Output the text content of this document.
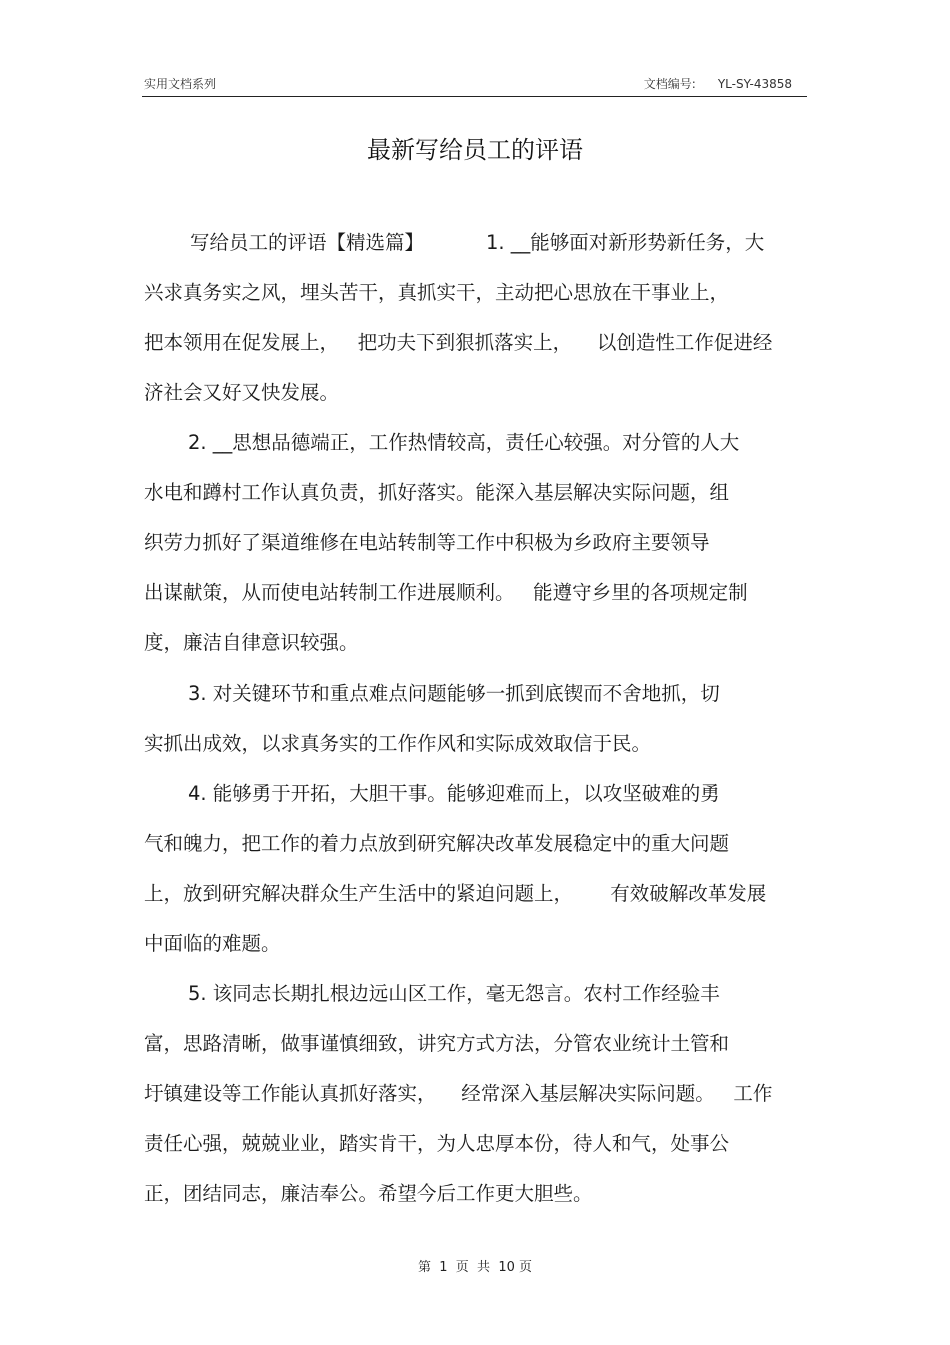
实用文档系列	文档编号: YL-SY-43858
最新写给员工的评语
写给员工的评语【精选篇】          1. __能够面对新形势新任务，大
兴求真务实之风，埋头苦干，真抓实干，主动把心思放在干事业上，
把本领用在促发展上，   把功夫下到狠抓落实上，    以创造性工作促进经
济社会又好又快发展。
2. __思想品德端正，工作热情较高，责任心较强。对分管的人大
水电和蹲村工作认真负责，抓好落实。能深入基层解决实际问题，组
织劳力抓好了渠道维修在电站转制等工作中积极为乡政府主要领导
出谋献策，从而使电站转制工作进展顺利。   能遵守乡里的各项规定制
度，廉洁自律意识较强。
3. 对关键环节和重点难点问题能够一抓到底锲而不舍地抓，切
实抓出成效，以求真务实的工作作风和实际成效取信于民。
4. 能够勇于开拓，大胆干事。能够迎难而上，以攻坚破难的勇
气和魄力，把工作的着力点放到研究解决改革发展稳定中的重大问题
上，放到研究解决群众生产生活中的紧迫问题上，      有效破解改革发展
中面临的难题。
5. 该同志长期扎根边远山区工作，毫无怨言。农村工作经验丰
富，思路清晰，做事谨慎细致，讲究方式方法，分管农业统计土管和
圩镇建设等工作能认真抓好落实，    经常深入基层解决实际问题。   工作
责任心强，兢兢业业，踏实肯干，为人忠厚本份，待人和气，处事公
正，团结同志，廉洁奉公。希望今后工作更大胆些。
第  1  页  共  10 页
